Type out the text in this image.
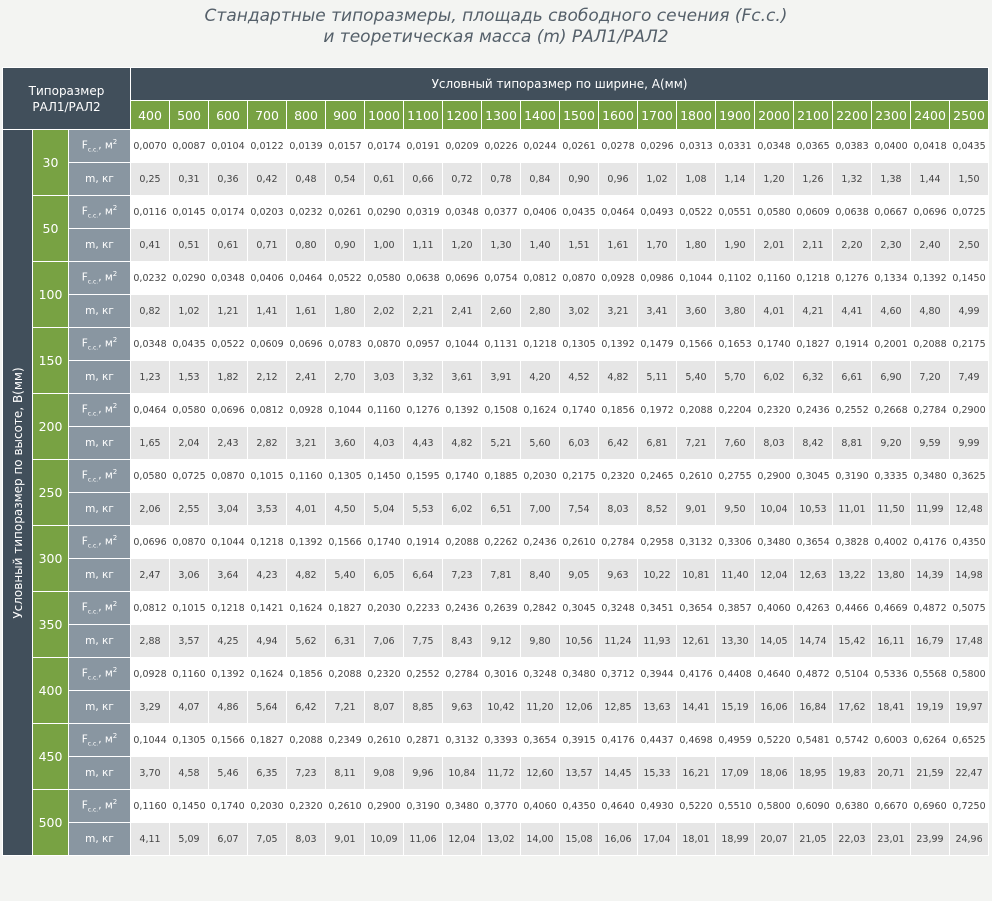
Стандартные типоразмеры, площадь свободного сечения (Fс.с.)
и теоретическая масса (m) РАЛ1/РАЛ2
Типоразмер
РАЛ1/РАЛ2			Условный типоразмер по ширине, А(мм)																					
			400	500	600	700	800	900	1000	1100	1200	1300	1400	1500	1600	1700	1800	1900	2000	2100	2200	2300	2400	2500

Условный типоразмер по высоте, В(мм)	30	$F_{с.с.}$, $м^2$	0,0070	0,0087	0,0104	0,0122	0,0139	0,0157	0,0174	0,0191	0,0209	0,0226	0,0244	0,0261	0,0278	0,0296	0,0313	0,0331	0,0348	0,0365	0,0383	0,0400	0,0418	0,0435
		m, кг	0,25	0,31	0,36	0,42	0,48	0,54	0,61	0,66	0,72	0,78	0,84	0,90	0,96	1,02	1,08	1,14	1,20	1,26	1,32	1,38	1,44	1,50
	50	$F_{с.с.}$, $м^2$	0,0116	0,0145	0,0174	0,0203	0,0232	0,0261	0,0290	0,0319	0,0348	0,0377	0,0406	0,0435	0,0464	0,0493	0,0522	0,0551	0,0580	0,0609	0,0638	0,0667	0,0696	0,0725
		m, кг	0,41	0,51	0,61	0,71	0,80	0,90	1,00	1,11	1,20	1,30	1,40	1,51	1,61	1,70	1,80	1,90	2,01	2,11	2,20	2,30	2,40	2,50
	100	$F_{с.с.}$, $м^2$	0,0232	0,0290	0,0348	0,0406	0,0464	0,0522	0,0580	0,0638	0,0696	0,0754	0,0812	0,0870	0,0928	0,0986	0,1044	0,1102	0,1160	0,1218	0,1276	0,1334	0,1392	0,1450
		m, кг	0,82	1,02	1,21	1,41	1,61	1,80	2,02	2,21	2,41	2,60	2,80	3,02	3,21	3,41	3,60	3,80	4,01	4,21	4,41	4,60	4,80	4,99
	150	$F_{с.с.}$, $м^2$	0,0348	0,0435	0,0522	0,0609	0,0696	0,0783	0,0870	0,0957	0,1044	0,1131	0,1218	0,1305	0,1392	0,1479	0,1566	0,1653	0,1740	0,1827	0,1914	0,2001	0,2088	0,2175
		m, кг	1,23	1,53	1,82	2,12	2,41	2,70	3,03	3,32	3,61	3,91	4,20	4,52	4,82	5,11	5,40	5,70	6,02	6,32	6,61	6,90	7,20	7,49
	200	$F_{с.с.}$, $м^2$	0,0464	0,0580	0,0696	0,0812	0,0928	0,1044	0,1160	0,1276	0,1392	0,1508	0,1624	0,1740	0,1856	0,1972	0,2088	0,2204	0,2320	0,2436	0,2552	0,2668	0,2784	0,2900
		m, кг	1,65	2,04	2,43	2,82	3,21	3,60	4,03	4,43	4,82	5,21	5,60	6,03	6,42	6,81	7,21	7,60	8,03	8,42	8,81	9,20	9,59	9,99
	250	$F_{с.с.}$, $м^2$	0,0580	0,0725	0,0870	0,1015	0,1160	0,1305	0,1450	0,1595	0,1740	0,1885	0,2030	0,2175	0,2320	0,2465	0,2610	0,2755	0,2900	0,3045	0,3190	0,3335	0,3480	0,3625
		m, кг	2,06	2,55	3,04	3,53	4,01	4,50	5,04	5,53	6,02	6,51	7,00	7,54	8,03	8,52	9,01	9,50	10,04	10,53	11,01	11,50	11,99	12,48
	300	$F_{с.с.}$, $м^2$	0,0696	0,0870	0,1044	0,1218	0,1392	0,1566	0,1740	0,1914	0,2088	0,2262	0,2436	0,2610	0,2784	0,2958	0,3132	0,3306	0,3480	0,3654	0,3828	0,4002	0,4176	0,4350
		m, кг	2,47	3,06	3,64	4,23	4,82	5,40	6,05	6,64	7,23	7,81	8,40	9,05	9,63	10,22	10,81	11,40	12,04	12,63	13,22	13,80	14,39	14,98
	350	$F_{с.с.}$, $м^2$	0,0812	0,1015	0,1218	0,1421	0,1624	0,1827	0,2030	0,2233	0,2436	0,2639	0,2842	0,3045	0,3248	0,3451	0,3654	0,3857	0,4060	0,4263	0,4466	0,4669	0,4872	0,5075
		m, кг	2,88	3,57	4,25	4,94	5,62	6,31	7,06	7,75	8,43	9,12	9,80	10,56	11,24	11,93	12,61	13,30	14,05	14,74	15,42	16,11	16,79	17,48
	400	$F_{с.с.}$, $м^2$	0,0928	0,1160	0,1392	0,1624	0,1856	0,2088	0,2320	0,2552	0,2784	0,3016	0,3248	0,3480	0,3712	0,3944	0,4176	0,4408	0,4640	0,4872	0,5104	0,5336	0,5568	0,5800
		m, кг	3,29	4,07	4,86	5,64	6,42	7,21	8,07	8,85	9,63	10,42	11,20	12,06	12,85	13,63	14,41	15,19	16,06	16,84	17,62	18,41	19,19	19,97
	450	$F_{с.с.}$, $м^2$	0,1044	0,1305	0,1566	0,1827	0,2088	0,2349	0,2610	0,2871	0,3132	0,3393	0,3654	0,3915	0,4176	0,4437	0,4698	0,4959	0,5220	0,5481	0,5742	0,6003	0,6264	0,6525
		m, кг	3,70	4,58	5,46	6,35	7,23	8,11	9,08	9,96	10,84	11,72	12,60	13,57	14,45	15,33	16,21	17,09	18,06	18,95	19,83	20,71	21,59	22,47
	500	$F_{с.с.}$, $м^2$	0,1160	0,1450	0,1740	0,2030	0,2320	0,2610	0,2900	0,3190	0,3480	0,3770	0,4060	0,4350	0,4640	0,4930	0,5220	0,5510	0,5800	0,6090	0,6380	0,6670	0,6960	0,7250
		m, кг	4,11	5,09	6,07	7,05	8,03	9,01	10,09	11,06	12,04	13,02	14,00	15,08	16,06	17,04	18,01	18,99	20,07	21,05	22,03	23,01	23,99	24,96
